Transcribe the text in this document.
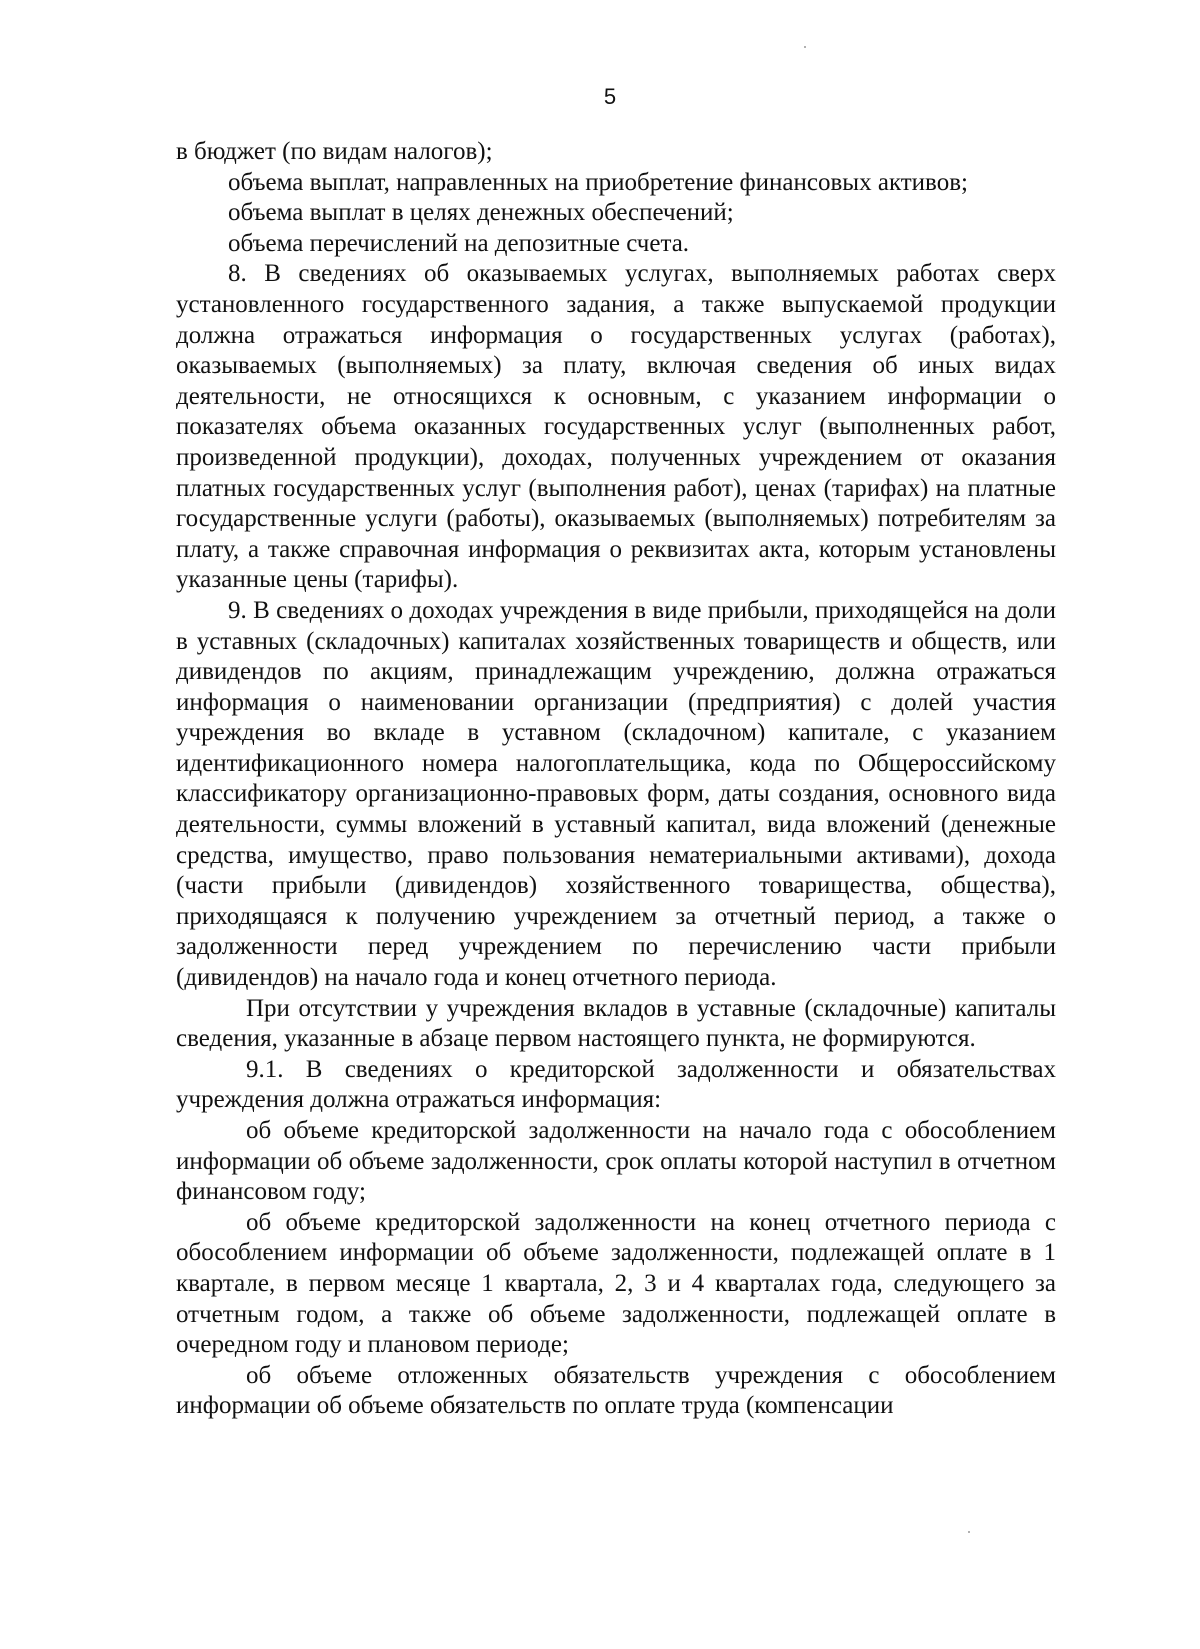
5

в бюджет (по видам налогов);

объема выплат, направленных на приобретение финансовых активов;

объема выплат в целях денежных обеспечений;

объема перечислений на депозитные счета.

8. В сведениях об оказываемых услугах, выполняемых работах сверх установленного государственного задания, а также выпускаемой продукции должна отражаться информация о государственных услугах (работах), оказываемых (выполняемых) за плату, включая сведения об иных видах деятельности, не относящихся к основным, с указанием информации о показателях объема оказанных государственных услуг (выполненных работ, произведенной продукции), доходах, полученных учреждением от оказания платных государственных услуг (выполнения работ), ценах (тарифах) на платные государственные услуги (работы), оказываемых (выполняемых) потребителям за плату, а также справочная информация о реквизитах акта, которым установлены указанные цены (тарифы).

9. В сведениях о доходах учреждения в виде прибыли, приходящейся на доли в уставных (складочных) капиталах хозяйственных товариществ и обществ, или дивидендов по акциям, принадлежащим учреждению, должна отражаться информация о наименовании организации (предприятия) с долей участия учреждения во вкладе в уставном (складочном) капитале, с указанием идентификационного номера налогоплательщика, кода по Общероссийскому классификатору организационно-правовых форм, даты создания, основного вида деятельности, суммы вложений в уставный капитал, вида вложений (денежные средства, имущество, право пользования нематериальными активами), дохода (части прибыли (дивидендов) хозяйственного товарищества, общества), приходящаяся к получению учреждением за отчетный период, а также о задолженности перед учреждением по перечислению части прибыли (дивидендов) на начало года и конец отчетного периода.

При отсутствии у учреждения вкладов в уставные (складочные) капиталы сведения, указанные в абзаце первом настоящего пункта, не формируются.

9.1. В сведениях о кредиторской задолженности и обязательствах учреждения должна отражаться информация:

об объеме кредиторской задолженности на начало года с обособлением информации об объеме задолженности, срок оплаты которой наступил в отчетном финансовом году;

об объеме кредиторской задолженности на конец отчетного периода с обособлением информации об объеме задолженности, подлежащей оплате в 1 квартале, в первом месяце 1 квартала, 2, 3 и 4 кварталах года, следующего за отчетным годом, а также об объеме задолженности, подлежащей оплате в очередном году и плановом периоде;

об объеме отложенных обязательств учреждения с обособлением информации об объеме обязательств по оплате труда (компенсации
